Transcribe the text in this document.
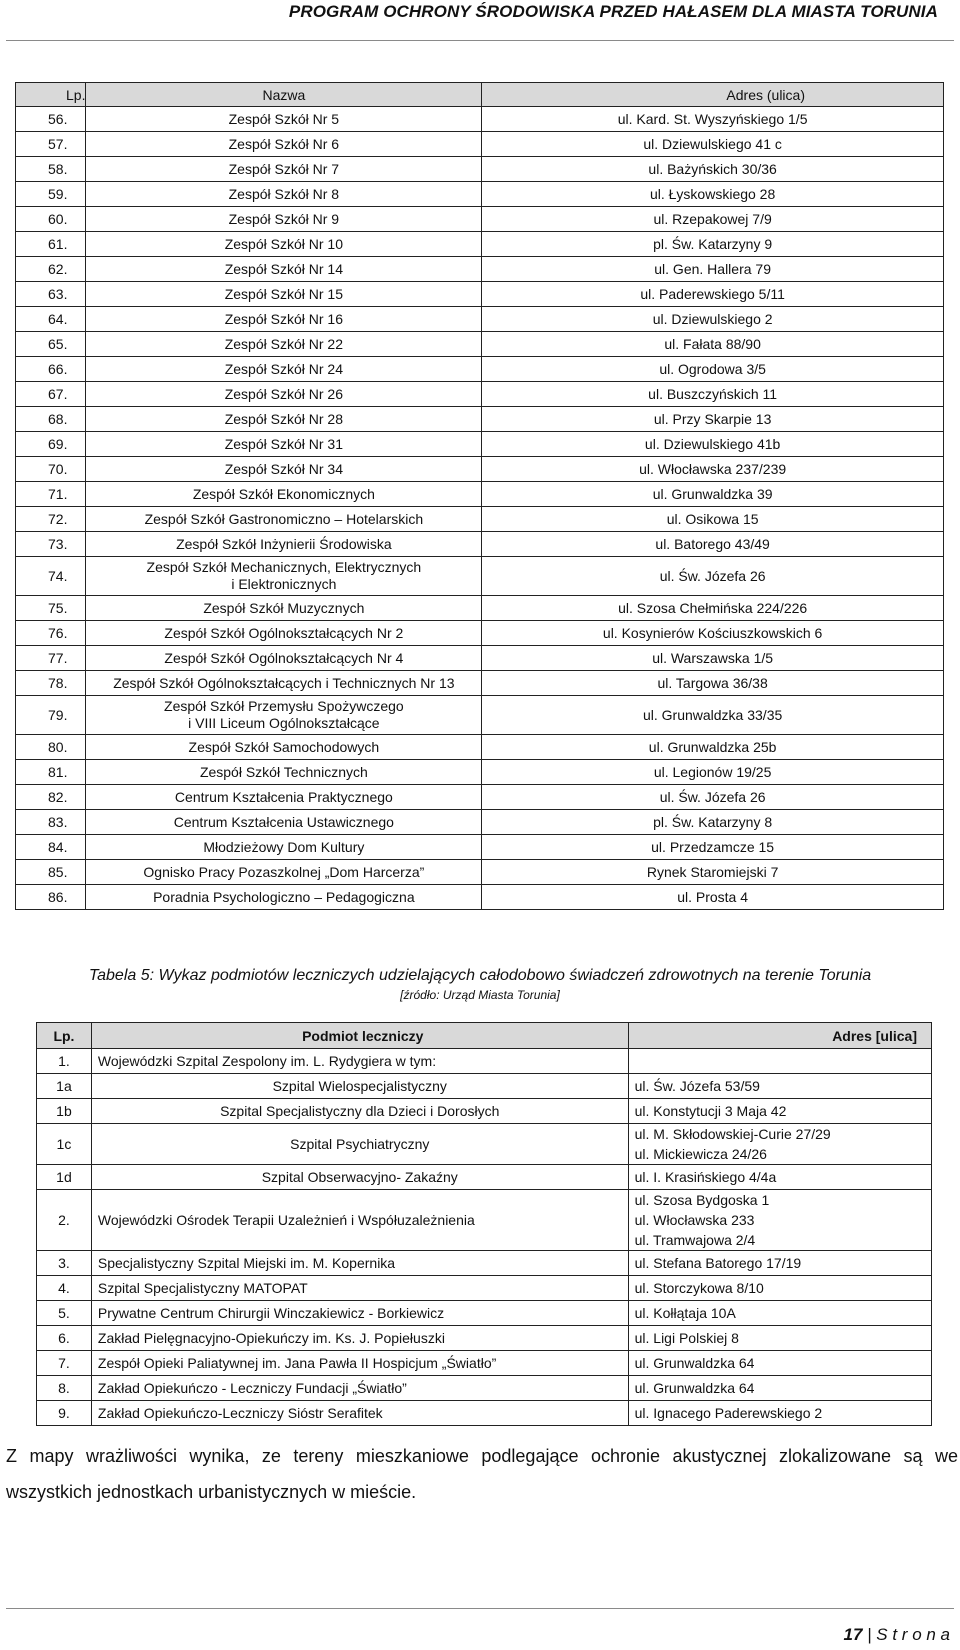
PROGRAM OCHRONY ŚRODOWISKA PRZED HAŁASEM DLA MIASTA TORUNIA
Lp.	Nazwa	Adres (ulica)
56.	Zespół Szkół Nr 5	ul. Kard. St. Wyszyńskiego 1/5
57.	Zespół Szkół Nr 6	ul. Dziewulskiego 41 c
58.	Zespół Szkół Nr 7	ul. Bażyńskich 30/36
59.	Zespół Szkół Nr 8	ul. Łyskowskiego 28
60.	Zespół Szkół Nr 9	ul. Rzepakowej 7/9
61.	Zespół Szkół Nr 10	pl. Św. Katarzyny 9
62.	Zespół Szkół Nr 14	ul. Gen. Hallera 79
63.	Zespół Szkół Nr 15	ul. Paderewskiego 5/11
64.	Zespół Szkół Nr 16	ul. Dziewulskiego 2
65.	Zespół Szkół Nr 22	ul. Fałata 88/90
66.	Zespół Szkół Nr 24	ul. Ogrodowa 3/5
67.	Zespół Szkół Nr 26	ul. Buszczyńskich 11
68.	Zespół Szkół Nr 28	ul. Przy Skarpie 13
69.	Zespół Szkół Nr 31	ul. Dziewulskiego 41b
70.	Zespół Szkół Nr 34	ul. Włocławska 237/239
71.	Zespół Szkół Ekonomicznych	ul. Grunwaldzka 39
72.	Zespół Szkół Gastronomiczno – Hotelarskich	ul. Osikowa 15
73.	Zespół Szkół Inżynierii Środowiska	ul. Batorego 43/49
74.	Zespół Szkół Mechanicznych, Elektrycznych
i Elektronicznych	ul. Św. Józefa 26
75.	Zespół Szkół Muzycznych	ul. Szosa Chełmińska 224/226
76.	Zespół Szkół Ogólnokształcących Nr 2	ul. Kosynierów Kościuszkowskich 6
77.	Zespół Szkół Ogólnokształcących Nr 4	ul. Warszawska 1/5
78.	Zespół Szkół Ogólnokształcących i Technicznych Nr 13	ul. Targowa 36/38
79.	Zespół Szkół Przemysłu Spożywczego
i VIII Liceum Ogólnokształcące	ul. Grunwaldzka 33/35
80.	Zespół Szkół Samochodowych	ul. Grunwaldzka 25b
81.	Zespół Szkół Technicznych	ul. Legionów 19/25
82.	Centrum Kształcenia Praktycznego	ul. Św. Józefa 26
83.	Centrum Kształcenia Ustawicznego	pl. Św. Katarzyny 8
84.	Młodzieżowy Dom Kultury	ul. Przedzamcze 15
85.	Ognisko Pracy Pozaszkolnej „Dom Harcerza”	Rynek Staromiejski 7
86.	Poradnia Psychologiczno – Pedagogiczna	ul. Prosta 4
Tabela 5: Wykaz podmiotów leczniczych udzielających całodobowo świadczeń zdrowotnych na terenie Torunia
[źródło: Urząd Miasta Torunia]
Lp.	Podmiot leczniczy	Adres [ulica]
1.	Wojewódzki Szpital Zespolony im. L. Rydygiera w tym:	
1a	Szpital Wielospecjalistyczny	ul. Św. Józefa 53/59

1b	Szpital Specjalistyczny dla Dzieci i Dorosłych	ul. Konstytucji 3 Maja 42

1c	Szpital Psychiatryczny	ul. M. Skłodowskiej-Curie 27/29
ul. Mickiewicza 24/26

1d	Szpital Obserwacyjno- Zakaźny	ul. I. Krasińskiego 4/4a

2.	Wojewódzki Ośrodek Terapii Uzależnień i Współuzależnienia	ul. Szosa Bydgoska 1
ul. Włocławska 233
ul. Tramwajowa 2/4

3.	Specjalistyczny Szpital Miejski im. M. Kopernika	ul. Stefana Batorego 17/19

4.	Szpital Specjalistyczny MATOPAT	ul. Storczykowa 8/10

5.	Prywatne Centrum Chirurgii Winczakiewicz - Borkiewicz	ul. Kołłątaja 10A

6.	Zakład Pielęgnacyjno-Opiekuńczy im. Ks. J. Popiełuszki	ul. Ligi Polskiej 8

7.	Zespół Opieki Paliatywnej im. Jana Pawła II Hospicjum „Światło”	ul. Grunwaldzka 64

8.	Zakład Opiekuńczo - Leczniczy Fundacji „Światło”	ul. Grunwaldzka 64

9.	Zakład Opiekuńczo-Leczniczy Sióstr Serafitek	ul. Ignacego Paderewskiego 2
Z mapy wrażliwości wynika, ze tereny mieszkaniowe podlegające ochronie akustycznej zlokalizowane są we wszystkich jednostkach urbanistycznych w mieście.
17 | S t r o n a
